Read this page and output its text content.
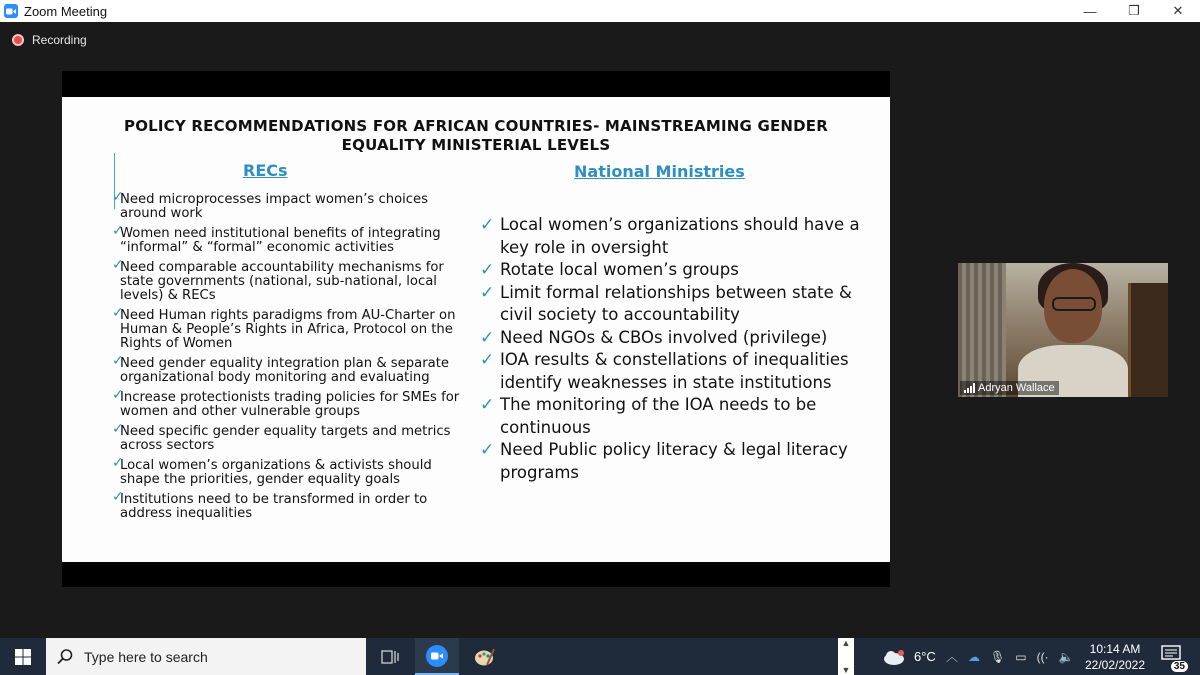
Zoom Meeting	—	❐	✕
Recording
POLICY RECOMMENDATIONS FOR AFRICAN COUNTRIES- MAINSTREAMING GENDER
EQUALITY MINISTERIAL LEVELS
RECs	National Ministries
✓
Need microprocesses impact women’s choices around work
✓
Women need institutional benefits of integrating “informal” & “formal” economic activities
✓
Need comparable accountability mechanisms for state governments (national, sub-national, local levels) & RECs
✓
Need Human rights paradigms from AU-Charter on Human & People’s Rights in Africa, Protocol on the Rights of Women
✓
Need gender equality integration plan & separate organizational body monitoring and evaluating
✓
Increase protectionists trading policies for SMEs for women and other vulnerable groups
✓
Need specific gender equality targets and metrics across sectors
✓
Local women’s organizations & activists should shape the priorities, gender equality goals
✓
Institutions need to be transformed in order to address inequalities
✓ Local women’s organizations should have a key role in oversight
✓ Rotate local women’s groups
✓ Limit formal relationships between state & civil society to accountability
✓ Need NGOs & CBOs involved (privilege)
✓ IOA results & constellations of inequalities identify weaknesses in state institutions
✓ The monitoring of the IOA needs to be continuous
✓ Need Public policy literacy & legal literacy programs
Adryan Wallace
Type here to search
▲
▼
6°C ︿ ☁ 🎙 ▭ ((· 🔈
10:14 AM
22/02/2022	35
